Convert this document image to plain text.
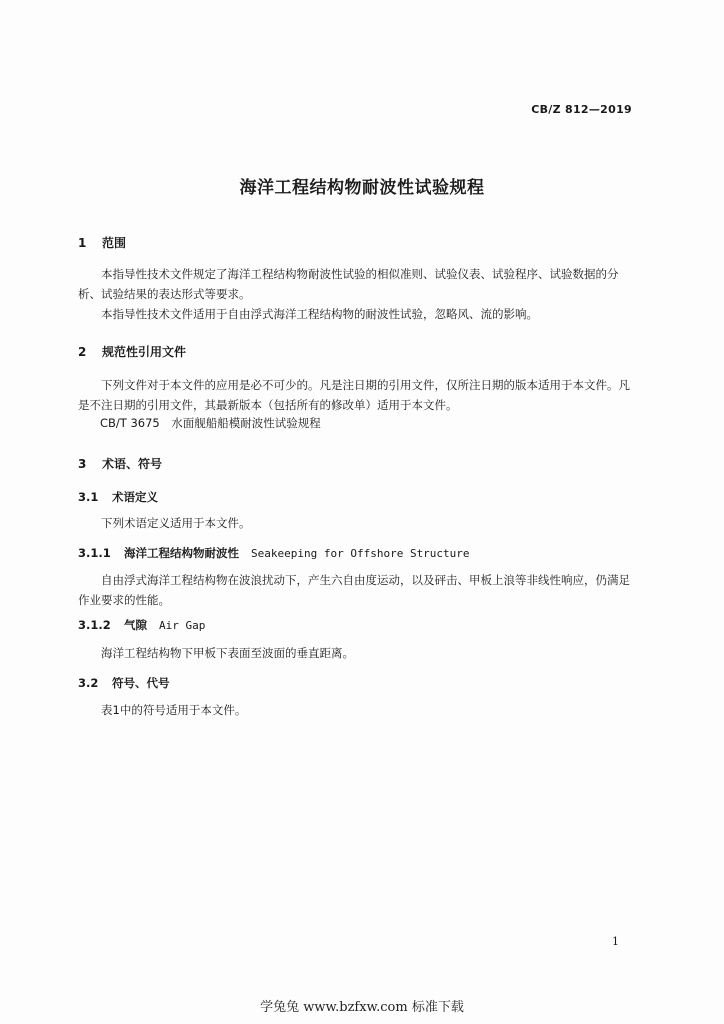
CB/Z 812—2019
海洋工程结构物耐波性试验规程
1 范围

本指导性技术文件规定了海洋工程结构物耐波性试验的相似准则、试验仪表、试验程序、试验数据的分析、试验结果的表达形式等要求。

本指导性技术文件适用于自由浮式海洋工程结构物的耐波性试验，忽略风、流的影响。

2 规范性引用文件

下列文件对于本文件的应用是必不可少的。凡是注日期的引用文件，仅所注日期的版本适用于本文件。凡是不注日期的引用文件，其最新版本（包括所有的修改单）适用于本文件。

CB/T 3675　水面舰船船模耐波性试验规程
3 术语、符号
3.1 术语定义

下列术语定义适用于本文件。

3.1.1 海洋工程结构物耐波性 Seakeeping for Offshore Structure

自由浮式海洋工程结构物在波浪扰动下，产生六自由度运动，以及砰击、甲板上浪等非线性响应，仍满足作业要求的性能。

3.1.2 气隙 Air Gap

海洋工程结构物下甲板下表面至波面的垂直距离。

3.2 符号、代号

表1中的符号适用于本文件。

1
学兔兔 www.bzfxw.com 标准下载
